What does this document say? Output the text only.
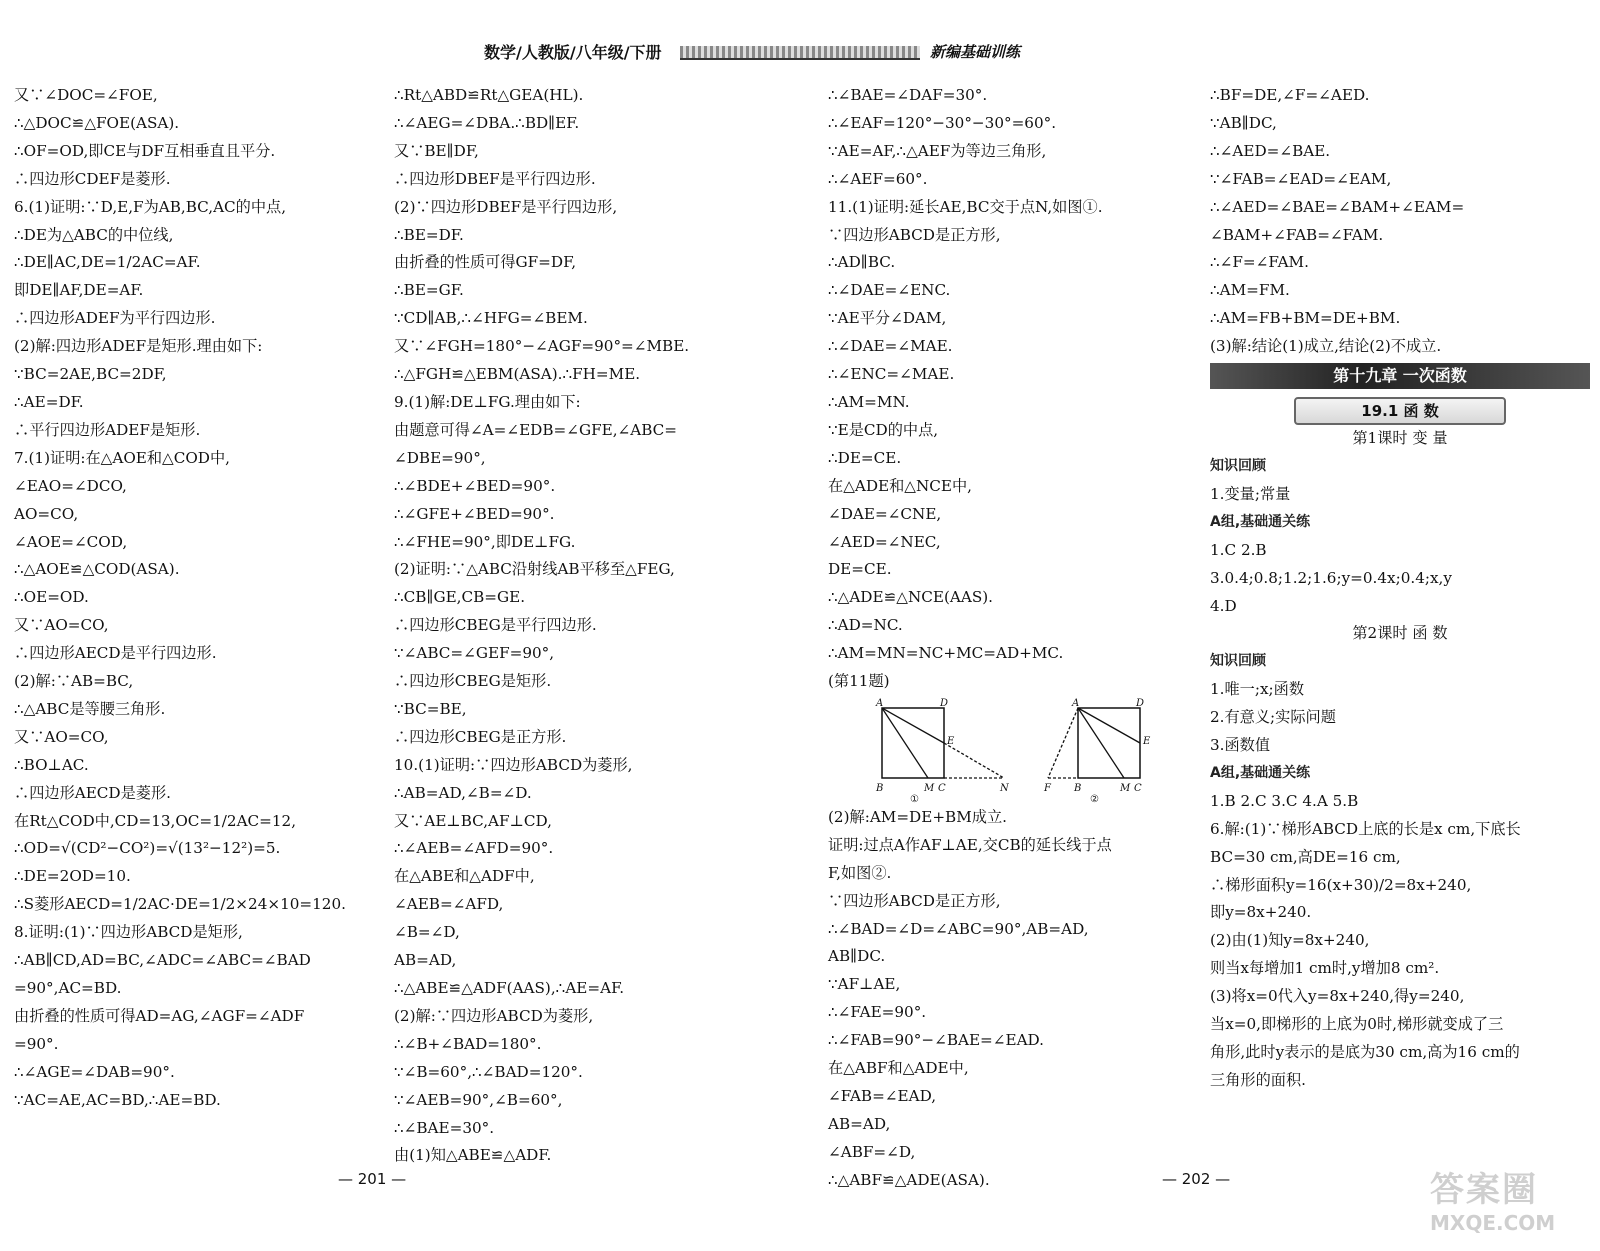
数学/人教版/八年级/下册	新编基础训练
又∵∠DOC=∠FOE,
∴△DOC≌△FOE(ASA).
∴OF=OD,即CE与DF互相垂直且平分.
∴四边形CDEF是菱形.
6.(1)证明:∵D,E,F为AB,BC,AC的中点,
∴DE为△ABC的中位线,
∴DE∥AC,DE=1/2AC=AF.
即DE∥AF,DE=AF.
∴四边形ADEF为平行四边形.
(2)解:四边形ADEF是矩形.理由如下:
∵BC=2AE,BC=2DF,
∴AE=DF.
∴平行四边形ADEF是矩形.
7.(1)证明:在△AOE和△COD中,
∠EAO=∠DCO,
AO=CO,
∠AOE=∠COD,
∴△AOE≌△COD(ASA).
∴OE=OD.
又∵AO=CO,
∴四边形AECD是平行四边形.
(2)解:∵AB=BC,
∴△ABC是等腰三角形.
又∵AO=CO,
∴BO⊥AC.
∴四边形AECD是菱形.
在Rt△COD中,CD=13,OC=1/2AC=12,
∴OD=√(CD²−CO²)=√(13²−12²)=5.
∴DE=2OD=10.
∴S菱形AECD=1/2AC·DE=1/2×24×10=120.
8.证明:(1)∵四边形ABCD是矩形,
∴AB∥CD,AD=BC,∠ADC=∠ABC=∠BAD
=90°,AC=BD.
由折叠的性质可得AD=AG,∠AGF=∠ADF
=90°.
∴∠AGE=∠DAB=90°.
∵AC=AE,AC=BD,∴AE=BD.
∴Rt△ABD≌Rt△GEA(HL).
∴∠AEG=∠DBA.∴BD∥EF.
又∵BE∥DF,
∴四边形DBEF是平行四边形.
(2)∵四边形DBEF是平行四边形,
∴BE=DF.
由折叠的性质可得GF=DF,
∴BE=GF.
∵CD∥AB,∴∠HFG=∠BEM.
又∵∠FGH=180°−∠AGF=90°=∠MBE.
∴△FGH≌△EBM(ASA).∴FH=ME.
9.(1)解:DE⊥FG.理由如下:
由题意可得∠A=∠EDB=∠GFE,∠ABC=
∠DBE=90°,
∴∠BDE+∠BED=90°.
∴∠GFE+∠BED=90°.
∴∠FHE=90°,即DE⊥FG.
(2)证明:∵△ABC沿射线AB平移至△FEG,
∴CB∥GE,CB=GE.
∴四边形CBEG是平行四边形.
∵∠ABC=∠GEF=90°,
∴四边形CBEG是矩形.
∵BC=BE,
∴四边形CBEG是正方形.
10.(1)证明:∵四边形ABCD为菱形,
∴AB=AD,∠B=∠D.
又∵AE⊥BC,AF⊥CD,
∴∠AEB=∠AFD=90°.
在△ABE和△ADF中,
∠AEB=∠AFD,
∠B=∠D,
AB=AD,
∴△ABE≌△ADF(AAS),∴AE=AF.
(2)解:∵四边形ABCD为菱形,
∴∠B+∠BAD=180°.
∵∠B=60°,∴∠BAD=120°.
∵∠AEB=90°,∠B=60°,
∴∠BAE=30°.
由(1)知△ABE≌△ADF.
∴∠BAE=∠DAF=30°.
∴∠EAF=120°−30°−30°=60°.
∵AE=AF,∴△AEF为等边三角形,
∴∠AEF=60°.
11.(1)证明:延长AE,BC交于点N,如图①.
∵四边形ABCD是正方形,
∴AD∥BC.
∴∠DAE=∠ENC.
∵AE平分∠DAM,
∴∠DAE=∠MAE.
∴∠ENC=∠MAE.
∴AM=MN.
∵E是CD的中点,
∴DE=CE.
在△ADE和△NCE中,
∠DAE=∠CNE,
∠AED=∠NEC,
DE=CE.
∴△ADE≌△NCE(AAS).
∴AD=NC.
∴AM=MN=NC+MC=AD+MC.
(第11题)
A	D
E
B	M C	N
①
A	D
E
F B	M C
②
(2)解:AM=DE+BM成立.
证明:过点A作AF⊥AE,交CB的延长线于点
F,如图②.
∵四边形ABCD是正方形,
∴∠BAD=∠D=∠ABC=90°,AB=AD,
AB∥DC.
∵AF⊥AE,
∴∠FAE=90°.
∴∠FAB=90°−∠BAE=∠EAD.
在△ABF和△ADE中,
∠FAB=∠EAD,
AB=AD,
∠ABF=∠D,
∴△ABF≌△ADE(ASA).
∴BF=DE,∠F=∠AED.
∵AB∥DC,
∴∠AED=∠BAE.
∵∠FAB=∠EAD=∠EAM,
∴∠AED=∠BAE=∠BAM+∠EAM=
∠BAM+∠FAB=∠FAM.
∴∠F=∠FAM.
∴AM=FM.
∴AM=FB+BM=DE+BM.
(3)解:结论(1)成立,结论(2)不成立.
第十九章 一次函数
19.1 函 数
第1课时 变 量
知识回顾
1.变量;常量
A组,基础通关练
1.C 2.B
3.0.4;0.8;1.2;1.6;y=0.4x;0.4;x,y
4.D
第2课时 函 数
知识回顾
1.唯一;x;函数
2.有意义;实际问题
3.函数值
A组,基础通关练
1.B 2.C 3.C 4.A 5.B
6.解:(1)∵梯形ABCD上底的长是x cm,下底长
BC=30 cm,高DE=16 cm,
∴梯形面积y=16(x+30)/2=8x+240,
即y=8x+240.
(2)由(1)知y=8x+240,
则当x每增加1 cm时,y增加8 cm².
(3)将x=0代入y=8x+240,得y=240,
当x=0,即梯形的上底为0时,梯形就变成了三
角形,此时y表示的是底为30 cm,高为16 cm的
三角形的面积.
— 201 —	— 202 —	答案圈
MXQE.COM
